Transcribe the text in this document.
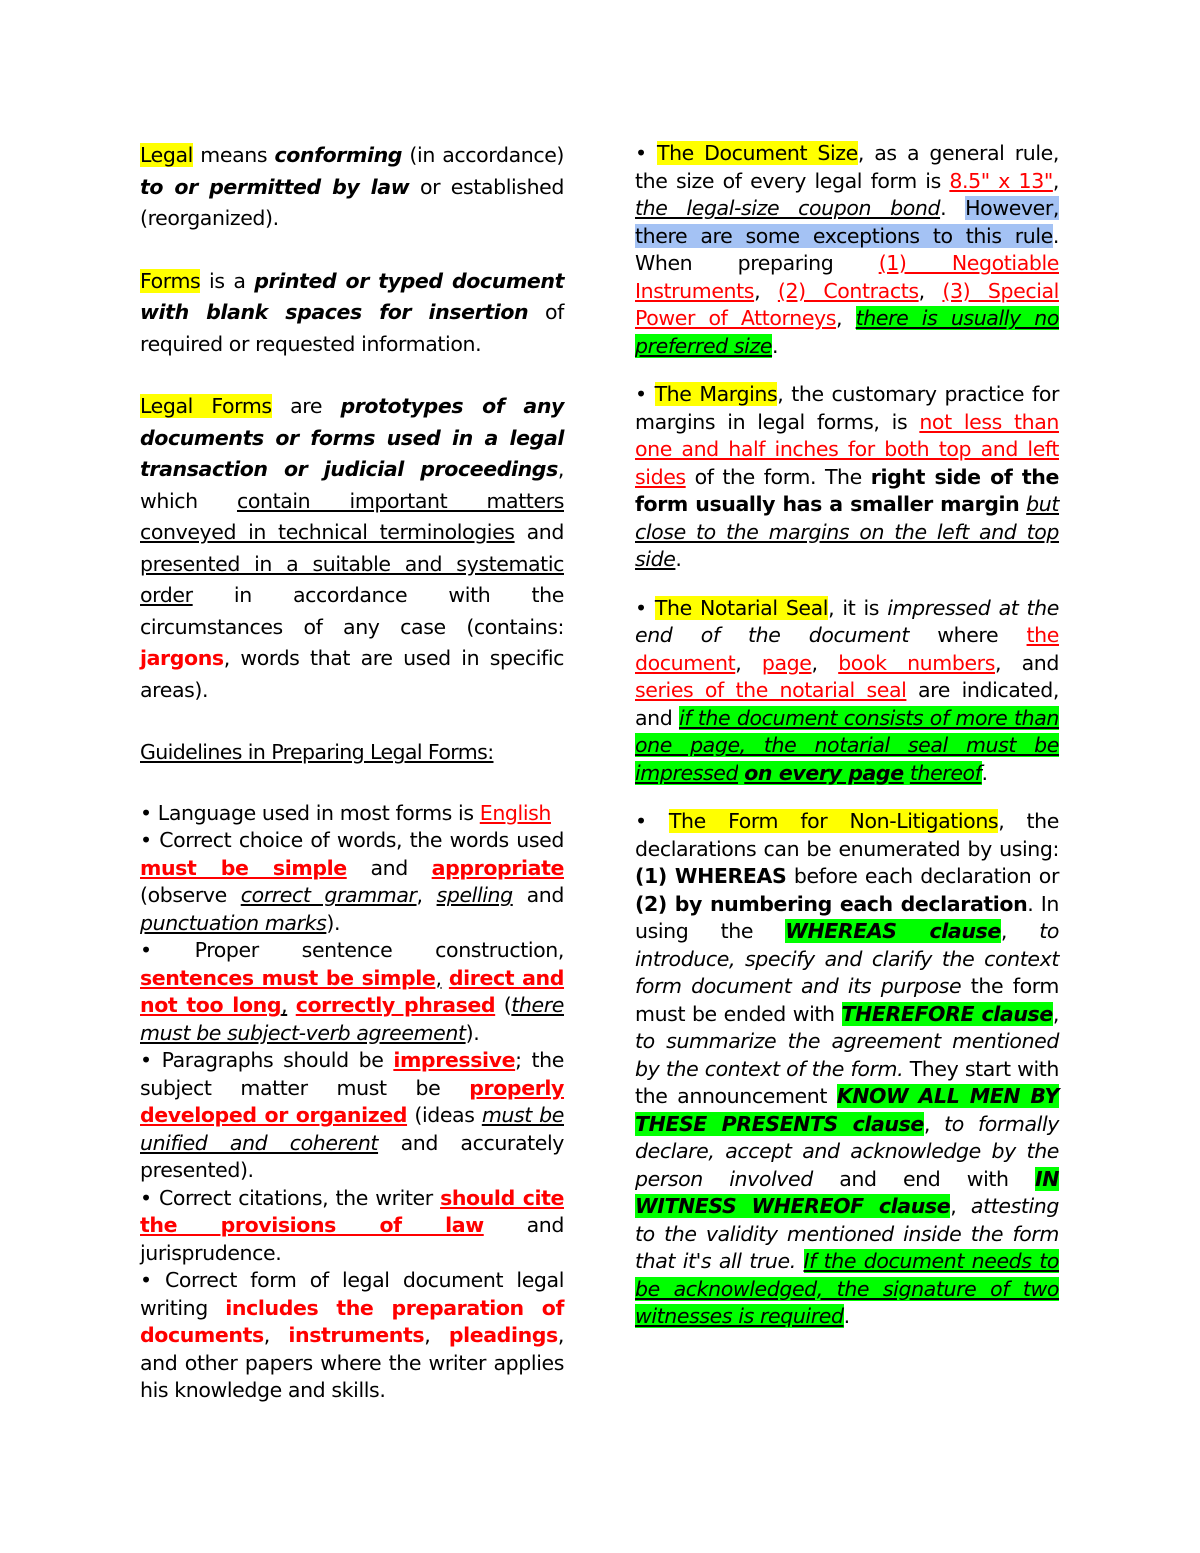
Legal means conforming (in accordance) to or permitted by law or established (reorganized).

Forms is a printed or typed document with blank spaces for insertion of required or requested information.

Legal Forms are prototypes of any documents or forms used in a legal transaction or judicial proceedings, which contain important matters conveyed in technical terminologies and presented in a suitable and systematic order in accordance with the circumstances of any case (contains: jargons, words that are used in specific areas).

Guidelines in Preparing Legal Forms:

• Language used in most forms is English

• Correct choice of words, the words used must be simple and appropriate (observe correct grammar, spelling and punctuation marks).

• Proper sentence construction, sentences must be simple, direct and not too long, correctly phrased (there must be subject-verb agreement).

• Paragraphs should be impressive; the subject matter must be properly developed or organized (ideas must be unified and coherent and accurately presented).

• Correct citations, the writer should cite the provisions of law and jurisprudence.

• Correct form of legal document legal writing includes the preparation of documents, instruments, pleadings, and other papers where the writer applies his knowledge and skills.

• The Document Size, as a general rule, the size of every legal form is 8.5" x 13", the legal-size coupon bond. However, there are some exceptions to this rule. When preparing (1) Negotiable Instruments, (2) Contracts, (3) Special Power of Attorneys, there is usually no preferred size.

• The Margins, the customary practice for margins in legal forms, is not less than one and half inches for both top and left sides of the form. The right side of the form usually has a smaller margin but close to the margins on the left and top side.

• The Notarial Seal, it is impressed at the end of the document where the document, page, book numbers, and series of the notarial seal are indicated, and if the document consists of more than one page, the notarial seal must be impressed on every page thereof.

• The Form for Non-Litigations, the declarations can be enumerated by using: (1) WHEREAS before each declaration or (2) by numbering each declaration. In using the WHEREAS clause, to introduce, specify and clarify the context form document and its purpose the form must be ended with THEREFORE clause, to summarize the agreement mentioned by the context of the form. They start with the announcement KNOW ALL MEN BY THESE PRESENTS clause, to formally declare, accept and acknowledge by the person involved and end with IN WITNESS WHEREOF clause, attesting to the validity mentioned inside the form that it's all true. If the document needs to be acknowledged, the signature of two witnesses is required.
